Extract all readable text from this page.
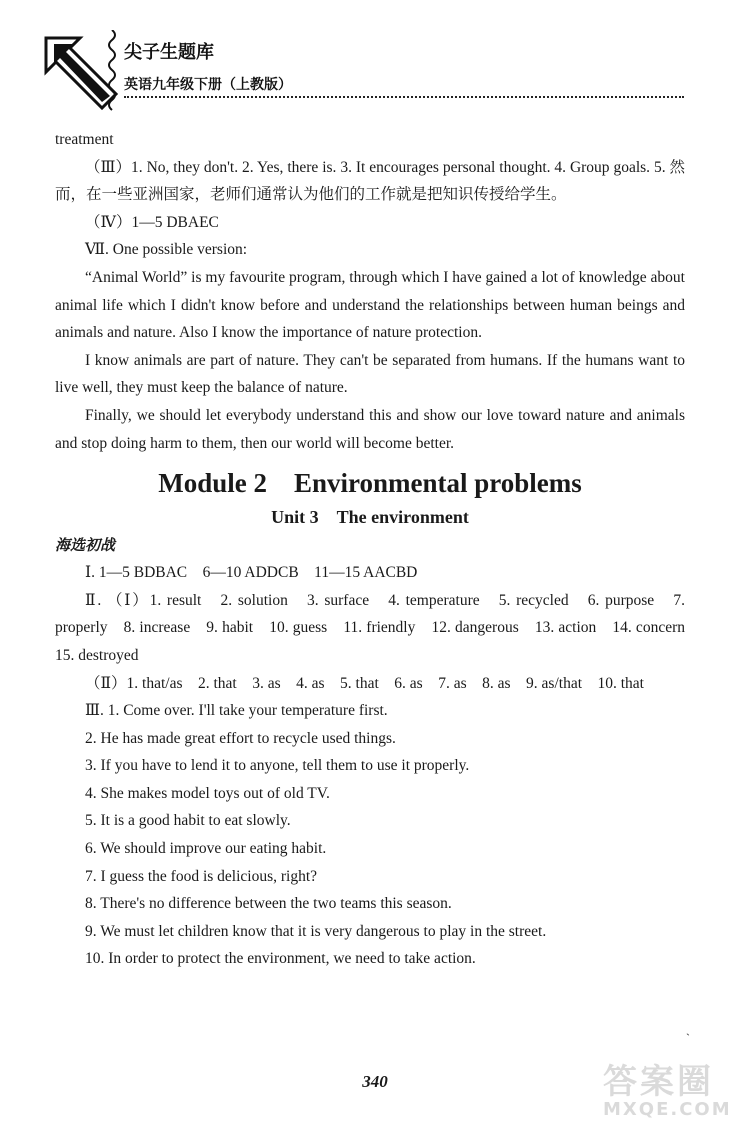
尖子生题库
英语九年级下册（上教版）

treatment

（Ⅲ）1. No, they don't. 2. Yes, there is. 3. It encourages personal thought. 4. Group goals. 5. 然而，在一些亚洲国家，老师们通常认为他们的工作就是把知识传授给学生。

（Ⅳ）1—5 DBAEC

Ⅶ. One possible version:

“Animal World” is my favourite program, through which I have gained a lot of knowledge about animal life which I didn't know before and understand the relationships between human beings and animals and nature. Also I know the importance of nature protection.

I know animals are part of nature. They can't be separated from humans. If the humans want to live well, they must keep the balance of nature.

Finally, we should let everybody understand this and show our love toward nature and animals and stop doing harm to them, then our world will become better.

Module 2　Environmental problems
Unit 3　The environment
海选初战

Ⅰ. 1—5 BDBAC　6—10 ADDCB　11—15 AACBD

Ⅱ. （Ⅰ）1. result　2. solution　3. surface　4. temperature　5. recycled　6. purpose　7. properly　8. increase　9. habit　10. guess　11. friendly　12. dangerous　13. action　14. concern　15. destroyed

（Ⅱ）1. that/as　2. that　3. as　4. as　5. that　6. as　7. as　8. as　9. as/that　10. that

Ⅲ. 1. Come over. I'll take your temperature first.

2. He has made great effort to recycle used things.

3. If you have to lend it to anyone, tell them to use it properly.

4. She makes model toys out of old TV.

5. It is a good habit to eat slowly.

6. We should improve our eating habit.

7. I guess the food is delicious, right?

8. There's no difference between the two teams this season.

9. We must let children know that it is very dangerous to play in the street.

10. In order to protect the environment, we need to take action.

ˏ
340	答案圈
MXQE.COM
